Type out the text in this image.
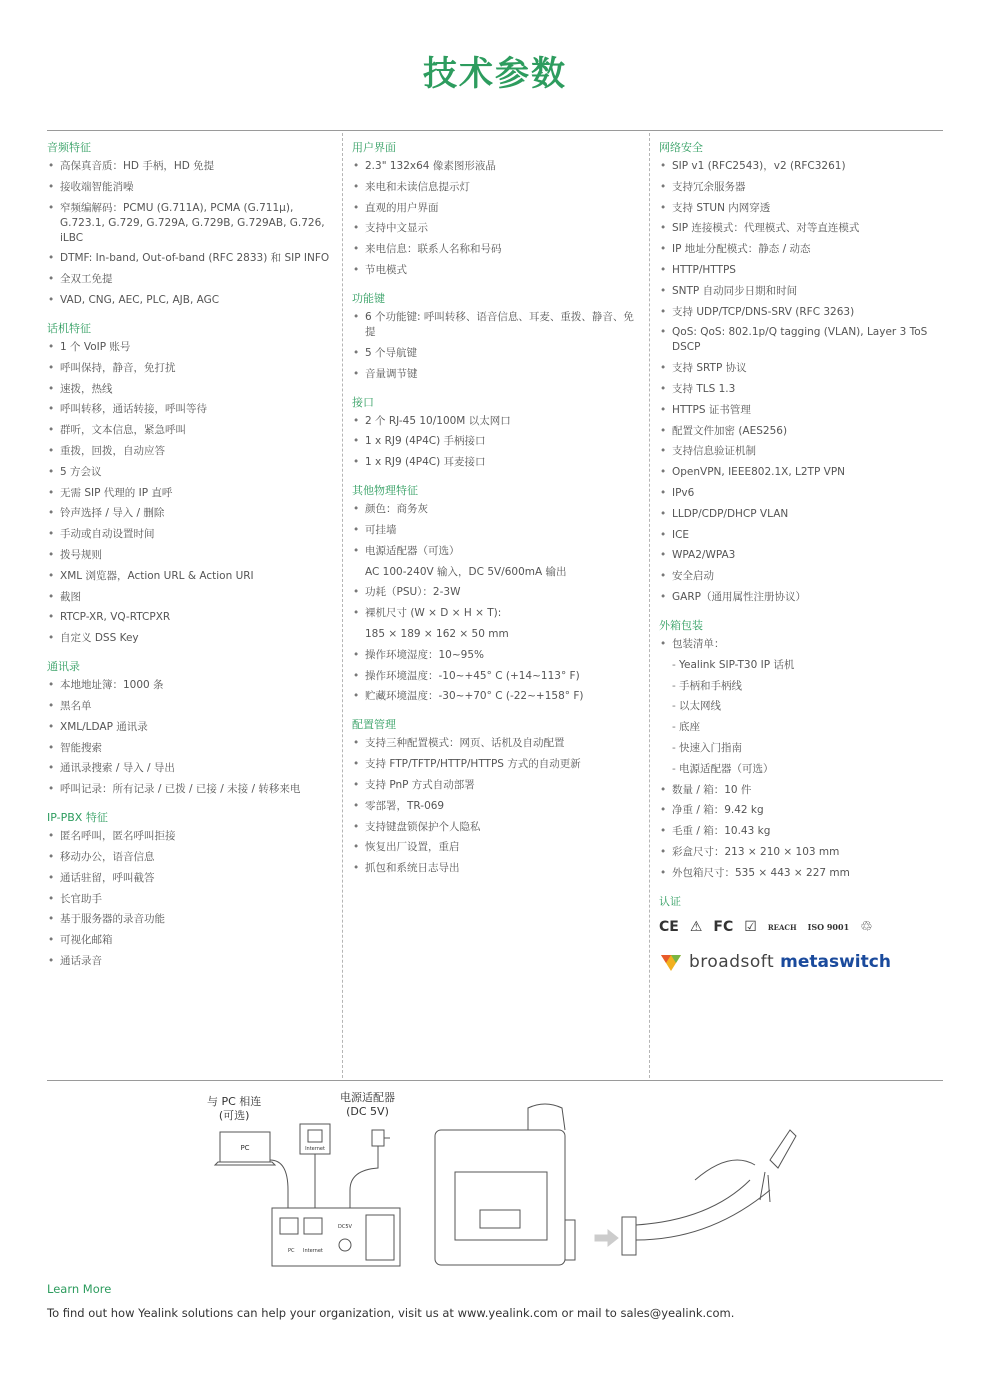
技术参数
音频特征
• 高保真音质：HD 手柄，HD 免提
• 接收端智能消噪
• 窄频编解码：PCMU (G.711A), PCMA (G.711μ), G.723.1, G.729, G.729A, G.729B, G.729AB, G.726, iLBC
• DTMF: In-band, Out-of-band (RFC 2833) 和 SIP INFO
• 全双工免提
• VAD, CNG, AEC, PLC, AJB, AGC
话机特征
• 1 个 VoIP 账号
• 呼叫保持，静音，免打扰
• 速拨，热线
• 呼叫转移，通话转接，呼叫等待
• 群听，文本信息，紧急呼叫
• 重拨，回拨，自动应答
• 5 方会议
• 无需 SIP 代理的 IP 直呼
• 铃声选择 / 导入 / 删除
• 手动或自动设置时间
• 拨号规则
• XML 浏览器，Action URL & Action URI
• 截图
• RTCP-XR, VQ-RTCPXR
• 自定义 DSS Key
通讯录
• 本地地址簿：1000 条
• 黑名单
• XML/LDAP 通讯录
• 智能搜索
• 通讯录搜索 / 导入 / 导出
• 呼叫记录：所有记录 / 已拨 / 已接 / 未接 / 转移来电
IP-PBX 特征
• 匿名呼叫，匿名呼叫拒接
• 移动办公，语音信息
• 通话驻留，呼叫截答
• 长官助手
• 基于服务器的录音功能
• 可视化邮箱
• 通话录音
用户界面
• 2.3" 132x64 像素图形液晶
• 来电和未读信息提示灯
• 直观的用户界面
• 支持中文显示
• 来电信息：联系人名称和号码
• 节电模式
功能键
• 6 个功能键: 呼叫转移、语音信息、耳麦、重拨、静音、免提
• 5 个导航键
• 音量调节键
接口
• 2 个 RJ-45 10/100M 以太网口
• 1 x RJ9 (4P4C) 手柄接口
• 1 x RJ9 (4P4C) 耳麦接口
其他物理特征
• 颜色：商务灰
• 可挂墙
• 电源适配器（可选）
AC 100-240V 输入，DC 5V/600mA 输出
• 功耗（PSU）：2-3W
• 裸机尺寸 (W × D × H × T):
185 × 189 × 162 × 50 mm
• 操作环境湿度：10~95%
• 操作环境温度：-10~+45° C (+14~113° F)
• 贮藏环境温度：-30~+70° C (-22~+158° F)
配置管理
• 支持三种配置模式：网页、话机及自动配置
• 支持 FTP/TFTP/HTTP/HTTPS 方式的自动更新
• 支持 PnP 方式自动部署
• 零部署，TR-069
• 支持键盘锁保护个人隐私
• 恢复出厂设置，重启
• 抓包和系统日志导出
网络安全
• SIP v1 (RFC2543)，v2 (RFC3261)
• 支持冗余服务器
• 支持 STUN 内网穿透
• SIP 连接模式：代理模式、对等直连模式
• IP 地址分配模式：静态 / 动态
• HTTP/HTTPS
• SNTP 自动同步日期和时间
• 支持 UDP/TCP/DNS-SRV (RFC 3263)
• QoS: QoS: 802.1p/Q tagging (VLAN), Layer 3 ToS DSCP
• 支持 SRTP 协议
• 支持 TLS 1.3
• HTTPS 证书管理
• 配置文件加密 (AES256)
• 支持信息验证机制
• OpenVPN, IEEE802.1X, L2TP VPN
• IPv6
• LLDP/CDP/DHCP VLAN
• ICE
• WPA2/WPA3
• 安全启动
• GARP（通用属性注册协议）
外箱包装
• 包装清单：
- Yealink SIP-T30 IP 话机
- 手柄和手柄线
- 以太网线
- 底座
- 快速入门指南
- 电源适配器（可选）
• 数量 / 箱：10 件
• 净重 / 箱：9.42 kg
• 毛重 / 箱：10.43 kg
• 彩盒尺寸：213 × 210 × 103 mm
• 外包箱尺寸：535 × 443 × 227 mm
认证
CE ⚠ FC ☑ REACH ISO 9001 ♲
broadsoft metaswitch
与 PC 相连
(可选)
电源适配器
(DC 5V)
PC	Internet
PC Internet
DC5V
Learn More
To find out how Yealink solutions can help your organization, visit us at www.yealink.com or mail to sales@yealink.com.
